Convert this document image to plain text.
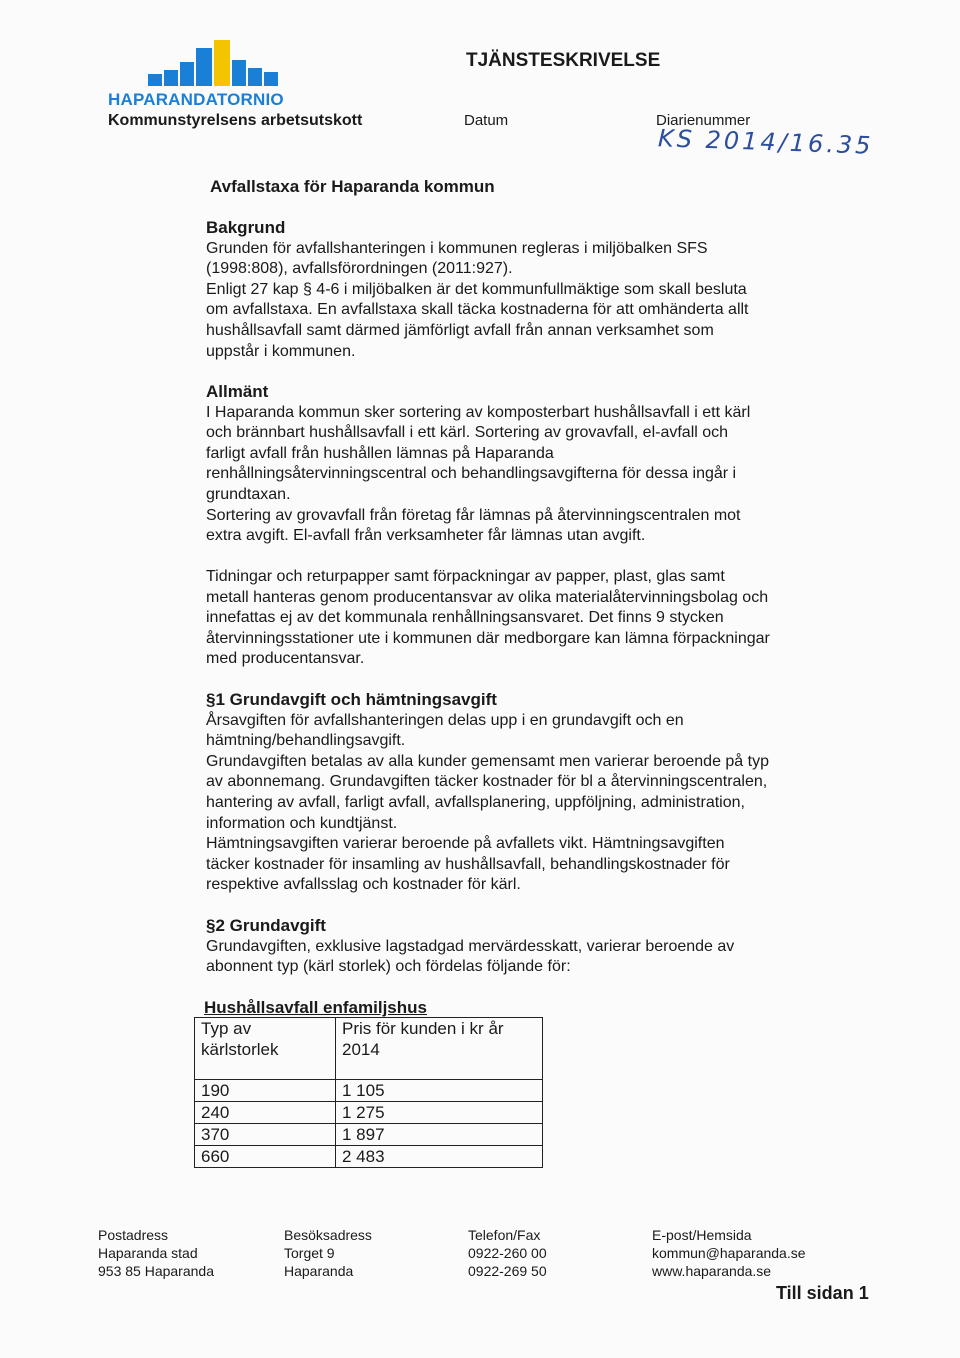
HAPARANDATORNIO
Kommunstyrelsens arbetsutskott
TJÄNSTESKRIVELSE
Datum	Diarienummer
KS 2014/16.35
Avfallstaxa för Haparanda kommun
Bakgrund

Grunden för avfallshanteringen i kommunen regleras i miljöbalken SFS
(1998:808), avfallsförordningen (2011:927).
Enligt 27 kap § 4-6 i miljöbalken är det kommunfullmäktige som skall besluta
om avfallstaxa. En avfallstaxa skall täcka kostnaderna för att omhänderta allt
hushållsavfall samt därmed jämförligt avfall från annan verksamhet som
uppstår i kommunen.

Allmänt

I Haparanda kommun sker sortering av komposterbart hushållsavfall i ett kärl
och brännbart hushållsavfall i ett kärl. Sortering av grovavfall, el-avfall och
farligt avfall från hushållen lämnas på Haparanda
renhållningsåtervinningscentral och behandlingsavgifterna för dessa ingår i
grundtaxan.
Sortering av grovavfall från företag får lämnas på återvinningscentralen mot
extra avgift. El-avfall från verksamheter får lämnas utan avgift.

Tidningar och returpapper samt förpackningar av papper, plast, glas samt
metall hanteras genom producentansvar av olika materialåtervinningsbolag och
innefattas ej av det kommunala renhållningsansvaret. Det finns 9 stycken
återvinningsstationer ute i kommunen där medborgare kan lämna förpackningar
med producentansvar.

§1 Grundavgift och hämtningsavgift

Årsavgiften för avfallshanteringen delas upp i en grundavgift och en
hämtning/behandlingsavgift.
Grundavgiften betalas av alla kunder gemensamt men varierar beroende på typ
av abonnemang. Grundavgiften täcker kostnader för bl a återvinningscentralen,
hantering av avfall, farligt avfall, avfallsplanering, uppföljning, administration,
information och kundtjänst.
Hämtningsavgiften varierar beroende på avfallets vikt. Hämtningsavgiften
täcker kostnader för insamling av hushållsavfall, behandlingskostnader för
respektive avfallsslag och kostnader för kärl.

§2 Grundavgift

Grundavgiften, exklusive lagstadgad mervärdesskatt, varierar beroende av
abonnent typ (kärl storlek) och fördelas följande för:

Hushållsavfall enfamiljshus
Typ av
kärlstorlek	Pris för kunden i kr år
2014

190	1 105
240	1 275
370	1 897
660	2 483
Postadress
Haparanda stad
953 85 Haparanda
Besöksadress
Torget 9
Haparanda
Telefon/Fax
0922-260 00
0922-269 50
E-post/Hemsida
kommun@haparanda.se
www.haparanda.se
Till sidan 1
